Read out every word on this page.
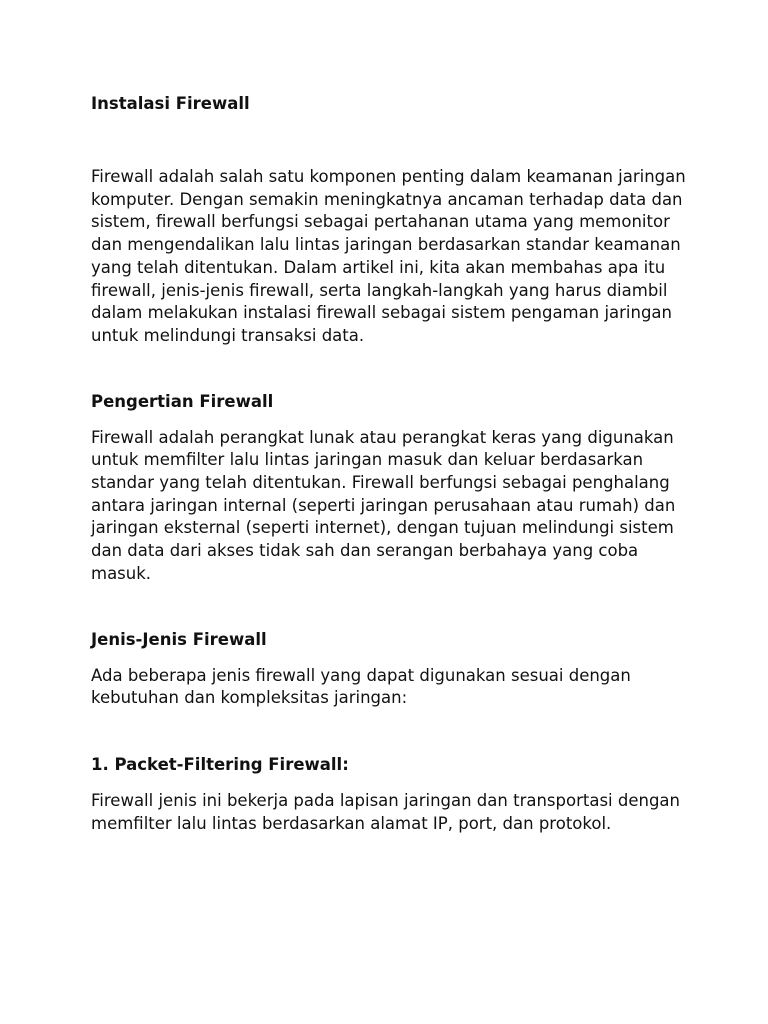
Instalasi Firewall

Firewall adalah salah satu komponen penting dalam keamanan jaringan komputer. Dengan semakin meningkatnya ancaman terhadap data dan sistem, firewall berfungsi sebagai pertahanan utama yang memonitor dan mengendalikan lalu lintas jaringan berdasarkan standar keamanan yang telah ditentukan. Dalam artikel ini, kita akan membahas apa itu firewall, jenis-jenis firewall, serta langkah-langkah yang harus diambil dalam melakukan instalasi firewall sebagai sistem pengaman jaringan untuk melindungi transaksi data.

Pengertian Firewall

Firewall adalah perangkat lunak atau perangkat keras yang digunakan untuk memfilter lalu lintas jaringan masuk dan keluar berdasarkan standar yang telah ditentukan. Firewall berfungsi sebagai penghalang antara jaringan internal (seperti jaringan perusahaan atau rumah) dan jaringan eksternal (seperti internet), dengan tujuan melindungi sistem dan data dari akses tidak sah dan serangan berbahaya yang coba masuk.

Jenis-Jenis Firewall

Ada beberapa jenis firewall yang dapat digunakan sesuai dengan kebutuhan dan kompleksitas jaringan:

1. Packet-Filtering Firewall:

Firewall jenis ini bekerja pada lapisan jaringan dan transportasi dengan memfilter lalu lintas berdasarkan alamat IP, port, dan protokol.
